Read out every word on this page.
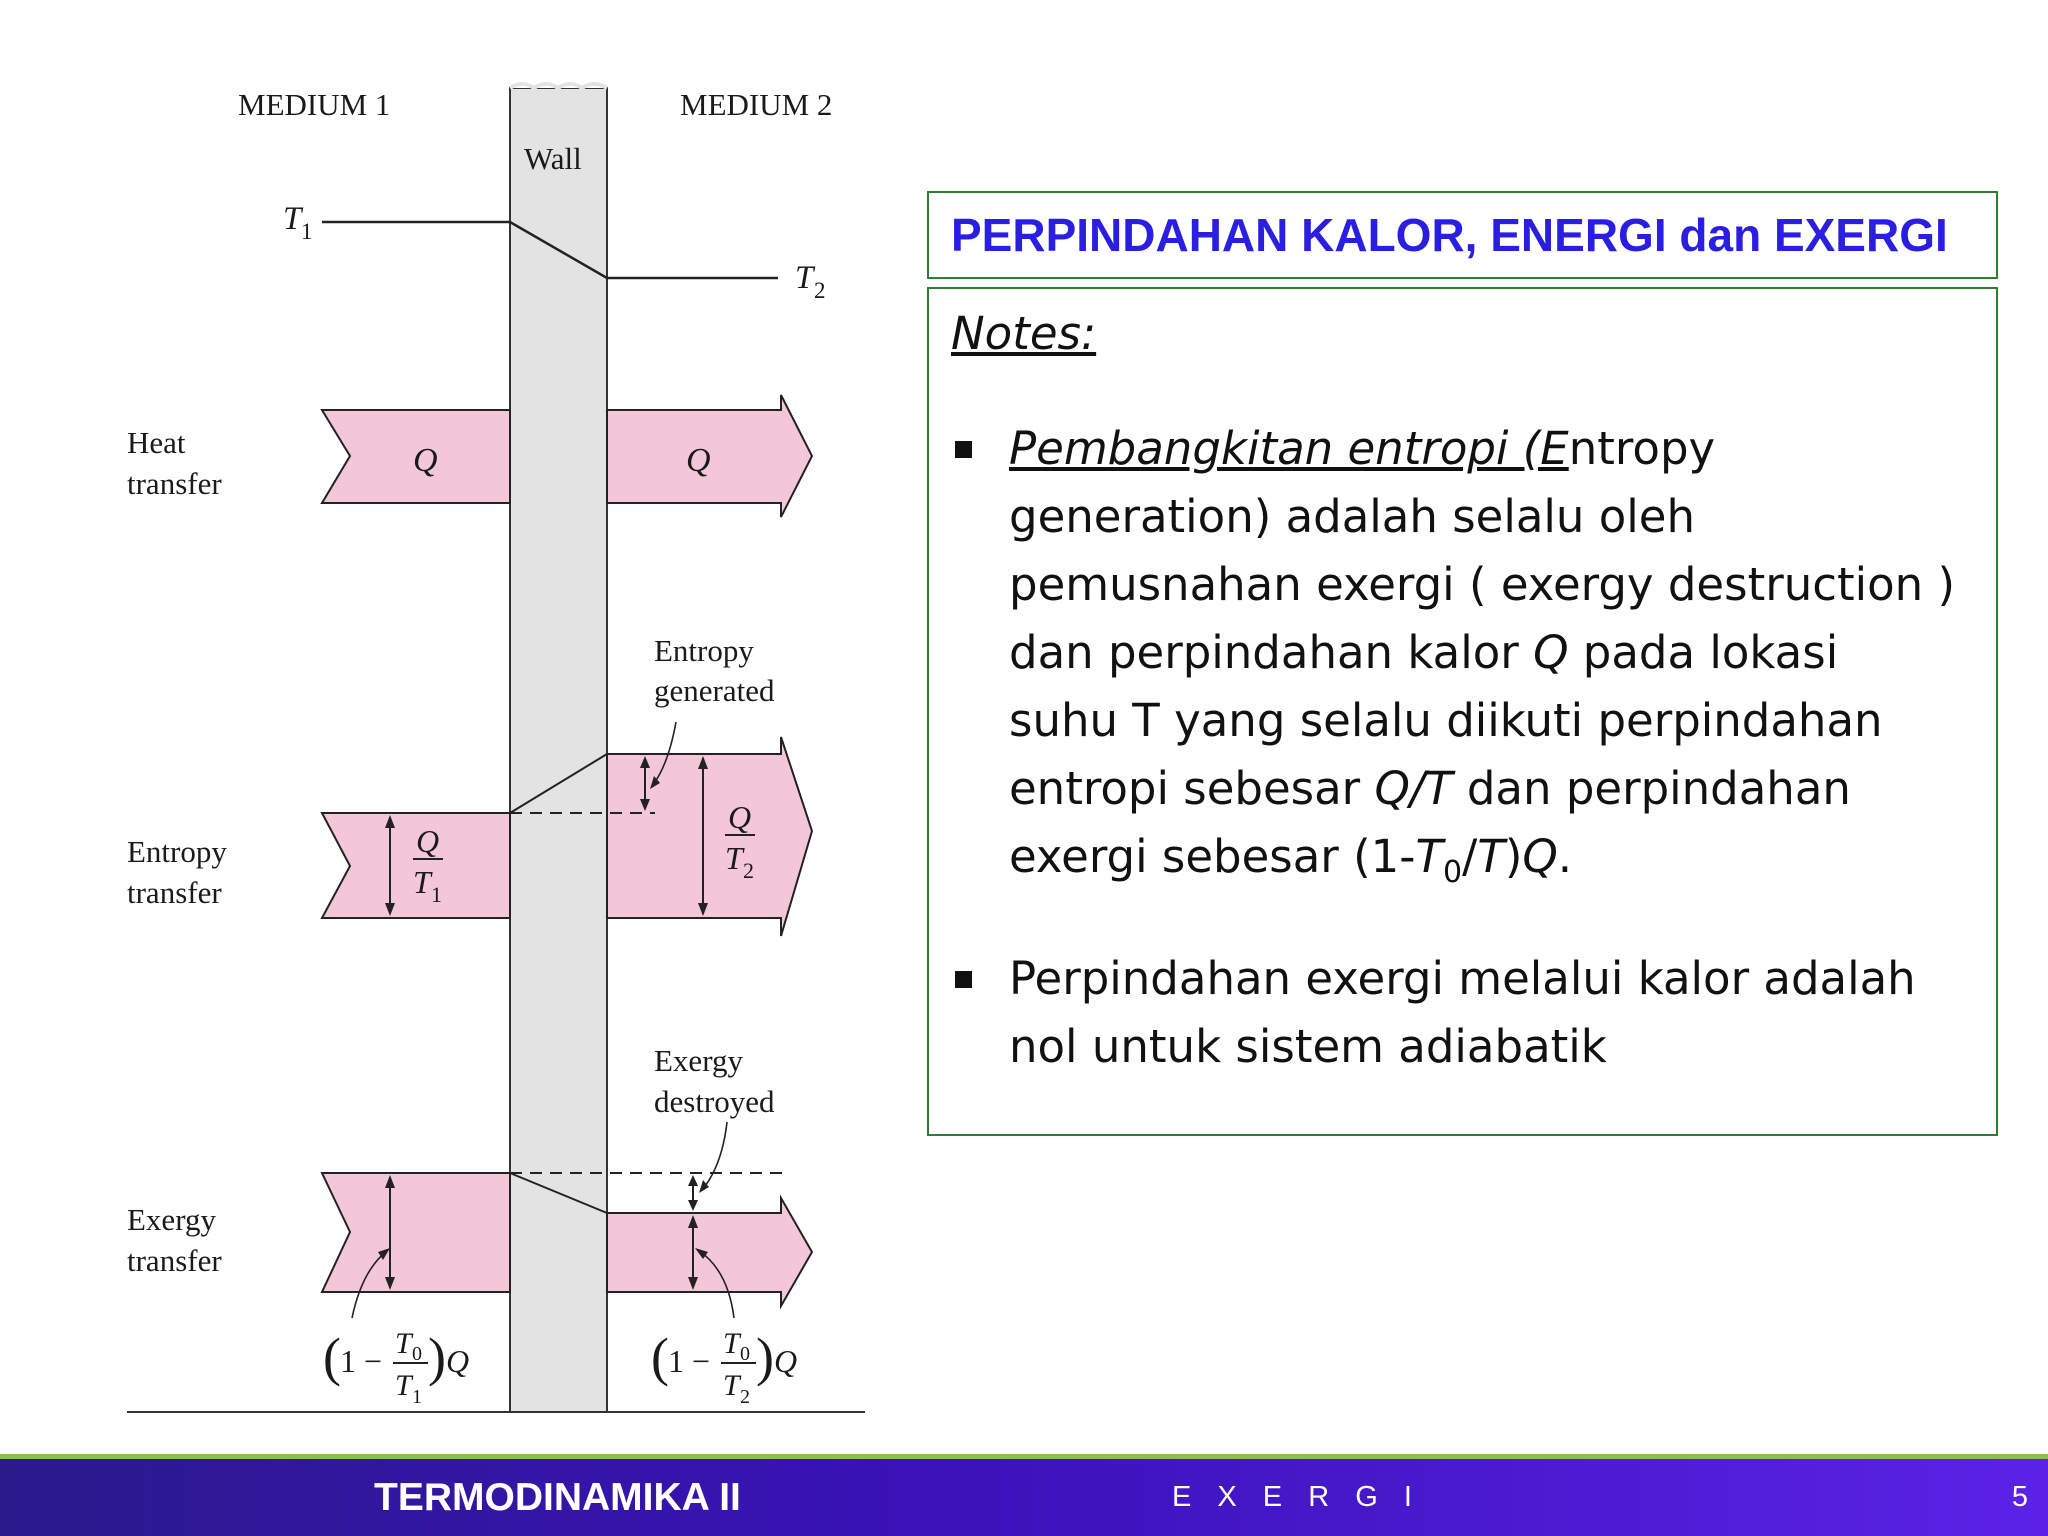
MEDIUM 1	MEDIUM 2
Wall
T 1
T 2
Heat
transfer
Entropy
transfer
Exergy
transfer
Q	Q
Q
T 1
Q
T 2
Entropy
generated
Exergy
destroyed
( 1 − T 0
T 1
) Q	( 1 − T 0
T 2
) Q
PERPINDAHAN KALOR, ENERGI dan EXERGI
Notes:
Pembangkitan entropi (Entropy
generation) adalah selalu oleh
pemusnahan exergi ( exergy destruction )
dan perpindahan kalor Q pada lokasi
suhu T yang selalu diikuti perpindahan
entropi sebesar Q/T dan perpindahan
exergi sebesar $(1-T_0/T)Q$.
Perpindahan exergi melalui kalor adalah
nol untuk sistem adiabatik
TERMODINAMIKA II	E X E R G I	5
